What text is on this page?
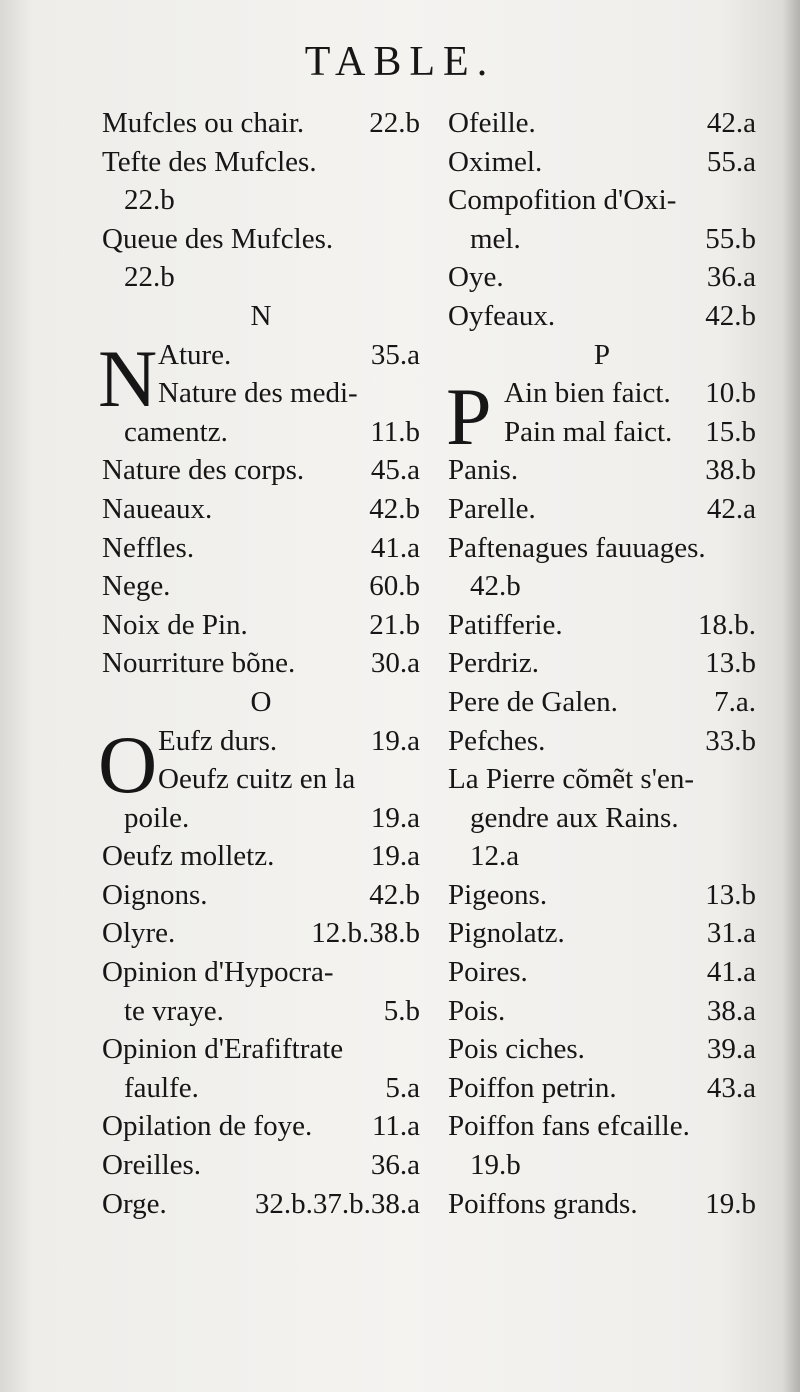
TABLE.
Mufcles ou chair. 22.b
Tefte des Mufcles.
22.b
Queue des Mufcles.
22.b
N
N Ature.	35.a
Nature des medi-
camentz.	11.b
Nature des corps. 45.a
Naueaux.	42.b
Neffles.	41.a
Nege.	60.b
Noix de Pin.	21.b
Nourriture bõne.	30.a
O
O Eufz durs.	19.a
Oeufz cuitz en la
poile.	19.a
Oeufz molletz.	19.a
Oignons.	42.b
Olyre.	12.b.38.b
Opinion d'Hypocra-
te vraye.	5.b
Opinion d'Erafiftrate
faulfe.	5.a
Opilation de foye. 11.a
Oreilles.	36.a
Orge.	32.b.37.b.38.a
Ofeille.	42.a
Oximel.	55.a
Compofition d'Oxi-
mel.	55.b
Oye.	36.a
Oyfeaux.	42.b
P
P Ain bien faict. 10.b
Pain mal faict. 15.b
Panis.	38.b
Parelle.	42.a
Paftenagues fauuages.
42.b
Patifferie.	18.b.
Perdriz.	13.b
Pere de Galen.	7.a.
Pefches.	33.b
La Pierre cõmẽt s'en-
gendre aux Rains.
12.a
Pigeons.	13.b
Pignolatz.	31.a
Poires.	41.a
Pois.	38.a
Pois ciches.	39.a
Poiffon petrin.	43.a
Poiffon fans efcaille.
19.b
Poiffons grands. 19.b
